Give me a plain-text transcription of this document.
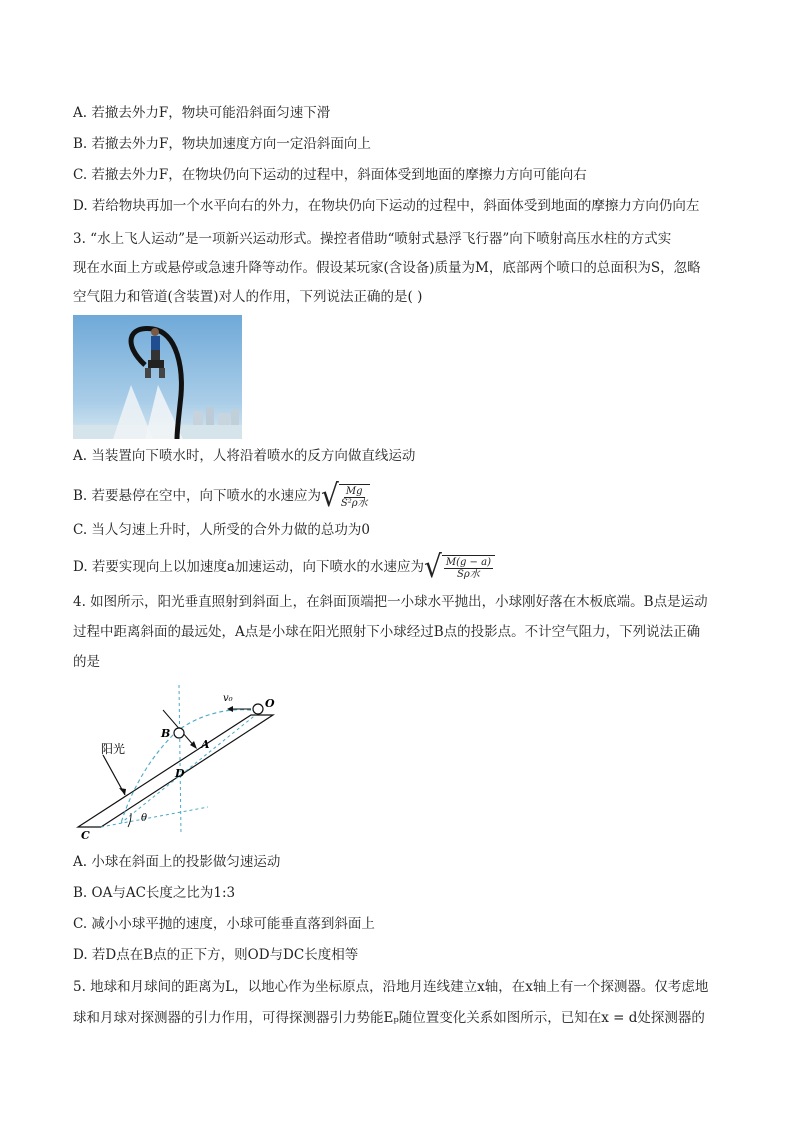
A. 若撤去外力F，物块可能沿斜面匀速下滑
B. 若撤去外力F，物块加速度方向一定沿斜面向上
C. 若撤去外力F，在物块仍向下运动的过程中，斜面体受到地面的摩擦力方向可能向右
D. 若给物块再加一个水平向右的外力，在物块仍向下运动的过程中，斜面体受到地面的摩擦力方向仍向左
3. “水上飞人运动”是一项新兴运动形式。操控者借助“喷射式悬浮飞行器”向下喷射高压水柱的方式实
现在水面上方或悬停或急速升降等动作。假设某玩家(含设备)质量为M，底部两个喷口的总面积为S，忽略
空气阻力和管道(含装置)对人的作用，下列说法正确的是( )
A. 当装置向下喷水时，人将沿着喷水的反方向做直线运动
B. 若要悬停在空中，向下喷水的水速应为 √ Mg
S²ρ水
C. 当人匀速上升时，人所受的合外力做的总功为0
D. 若要实现向上以加速度a加速运动，向下喷水的水速应为 √ M(g − a)
Sρ水
4. 如图所示，阳光垂直照射到斜面上，在斜面顶端把一小球水平抛出，小球刚好落在木板底端。B点是运动
过程中距离斜面的最远处，A点是小球在阳光照射下小球经过B点的投影点。不计空气阻力，下列说法正确
的是
阳光
v₀	O
B
A
D
C
θ
A. 小球在斜面上的投影做匀速运动
B. OA与AC长度之比为1:3
C. 减小小球平抛的速度，小球可能垂直落到斜面上
D. 若D点在B点的正下方，则OD与DC长度相等
5. 地球和月球间的距离为L，以地心作为坐标原点，沿地月连线建立x轴，在x轴上有一个探测器。仅考虑地
球和月球对探测器的引力作用，可得探测器引力势能Eₚ随位置变化关系如图所示，已知在x = d处探测器的
